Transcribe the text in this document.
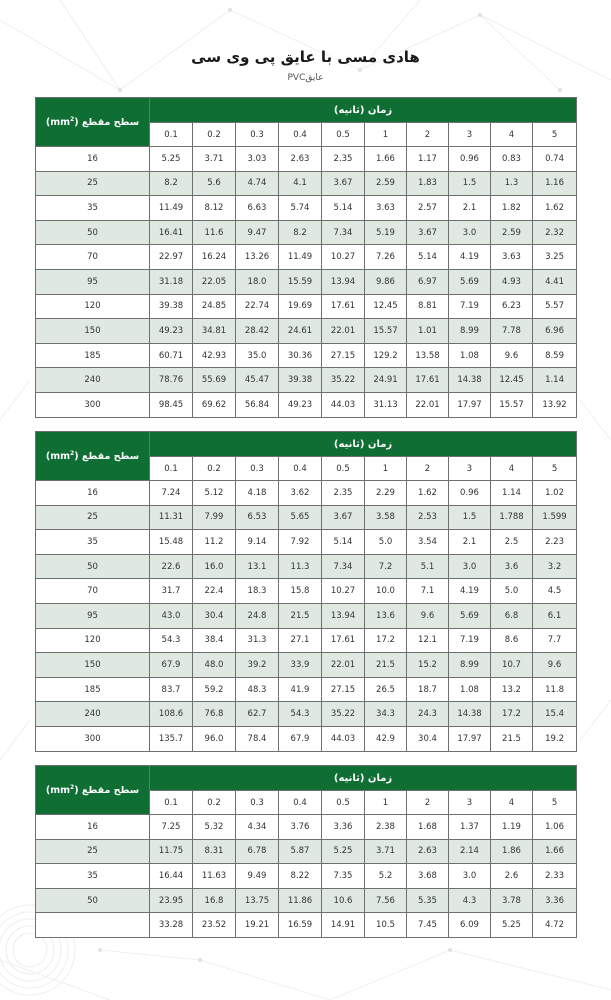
هادی مسی با عایق پی وی سی
عایقPVC
سطح مقطع $(mm^2)$	زمان (ثانیه)									
	0.1	0.2	0.3	0.4	0.5	1	2	3	4	5
16	5.25	3.71	3.03	2.63	2.35	1.66	1.17	0.96	0.83	0.74
25	8.2	5.6	4.74	4.1	3.67	2.59	1.83	1.5	1.3	1.16
35	11.49	8.12	6.63	5.74	5.14	3.63	2.57	2.1	1.82	1.62
50	16.41	11.6	9.47	8.2	7.34	5.19	3.67	3.0	2.59	2.32
70	22.97	16.24	13.26	11.49	10.27	7.26	5.14	4.19	3.63	3.25
95	31.18	22.05	18.0	15.59	13.94	9.86	6.97	5.69	4.93	4.41
120	39.38	24.85	22.74	19.69	17.61	12.45	8.81	7.19	6.23	5.57
150	49.23	34.81	28.42	24.61	22.01	15.57	1.01	8.99	7.78	6.96
185	60.71	42.93	35.0	30.36	27.15	129.2	13.58	1.08	9.6	8.59
240	78.76	55.69	45.47	39.38	35.22	24.91	17.61	14.38	12.45	1.14
300	98.45	69.62	56.84	49.23	44.03	31.13	22.01	17.97	15.57	13.92
سطح مقطع $(mm^2)$	زمان (ثانیه)									
	0.1	0.2	0.3	0.4	0.5	1	2	3	4	5
16	7.24	5.12	4.18	3.62	2.35	2.29	1.62	0.96	1.14	1.02
25	11.31	7.99	6.53	5.65	3.67	3.58	2.53	1.5	1.788	1.599
35	15.48	11.2	9.14	7.92	5.14	5.0	3.54	2.1	2.5	2.23
50	22.6	16.0	13.1	11.3	7.34	7.2	5.1	3.0	3.6	3.2
70	31.7	22.4	18.3	15.8	10.27	10.0	7.1	4.19	5.0	4.5
95	43.0	30.4	24.8	21.5	13.94	13.6	9.6	5.69	6.8	6.1
120	54.3	38.4	31.3	27.1	17.61	17.2	12.1	7.19	8.6	7.7
150	67.9	48.0	39.2	33.9	22.01	21.5	15.2	8.99	10.7	9.6
185	83.7	59.2	48.3	41.9	27.15	26.5	18.7	1.08	13.2	11.8
240	108.6	76.8	62.7	54.3	35.22	34.3	24.3	14.38	17.2	15.4
300	135.7	96.0	78.4	67.9	44.03	42.9	30.4	17.97	21.5	19.2
سطح مقطع $(mm^2)$	زمان (ثانیه)									
	0.1	0.2	0.3	0.4	0.5	1	2	3	4	5
16	7.25	5.32	4.34	3.76	3.36	2.38	1.68	1.37	1.19	1.06
25	11.75	8.31	6.78	5.87	5.25	3.71	2.63	2.14	1.86	1.66
35	16.44	11.63	9.49	8.22	7.35	5.2	3.68	3.0	2.6	2.33
50	23.95	16.8	13.75	11.86	10.6	7.56	5.35	4.3	3.78	3.36
	33.28	23.52	19.21	16.59	14.91	10.5	7.45	6.09	5.25	4.72
